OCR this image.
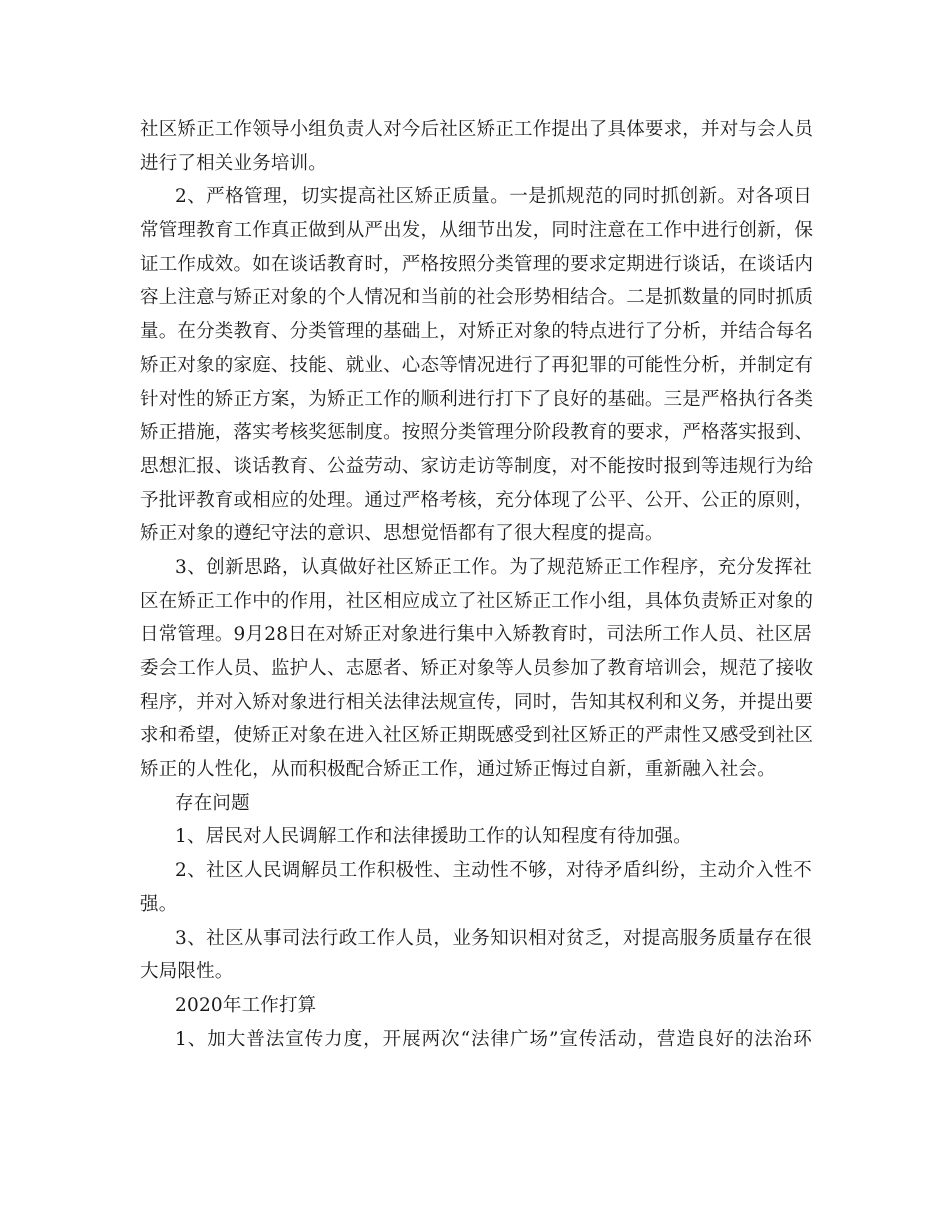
社区矫正工作领导小组负责人对今后社区矫正工作提出了具体要求，并对与会人员
进行了相关业务培训。
2、严格管理，切实提高社区矫正质量。一是抓规范的同时抓创新。对各项日
常管理教育工作真正做到从严出发，从细节出发，同时注意在工作中进行创新，保
证工作成效。如在谈话教育时，严格按照分类管理的要求定期进行谈话，在谈话内
容上注意与矫正对象的个人情况和当前的社会形势相结合。二是抓数量的同时抓质
量。在分类教育、分类管理的基础上，对矫正对象的特点进行了分析，并结合每名
矫正对象的家庭、技能、就业、心态等情况进行了再犯罪的可能性分析，并制定有
针对性的矫正方案，为矫正工作的顺利进行打下了良好的基础。三是严格执行各类
矫正措施，落实考核奖惩制度。按照分类管理分阶段教育的要求，严格落实报到、
思想汇报、谈话教育、公益劳动、家访走访等制度，对不能按时报到等违规行为给
予批评教育或相应的处理。通过严格考核，充分体现了公平、公开、公正的原则，
矫正对象的遵纪守法的意识、思想觉悟都有了很大程度的提高。
3、创新思路，认真做好社区矫正工作。为了规范矫正工作程序，充分发挥社
区在矫正工作中的作用，社区相应成立了社区矫正工作小组，具体负责矫正对象的
日常管理。9月28日在对矫正对象进行集中入矫教育时，司法所工作人员、社区居
委会工作人员、监护人、志愿者、矫正对象等人员参加了教育培训会，规范了接收
程序，并对入矫对象进行相关法律法规宣传，同时，告知其权利和义务，并提出要
求和希望，使矫正对象在进入社区矫正期既感受到社区矫正的严肃性又感受到社区
矫正的人性化，从而积极配合矫正工作，通过矫正悔过自新，重新融入社会。
存在问题
1、居民对人民调解工作和法律援助工作的认知程度有待加强。
2、社区人民调解员工作积极性、主动性不够，对待矛盾纠纷，主动介入性不
强。
3、社区从事司法行政工作人员，业务知识相对贫乏，对提高服务质量存在很
大局限性。
2020年工作打算
1、加大普法宣传力度，开展两次“法律广场”宣传活动，营造良好的法治环
